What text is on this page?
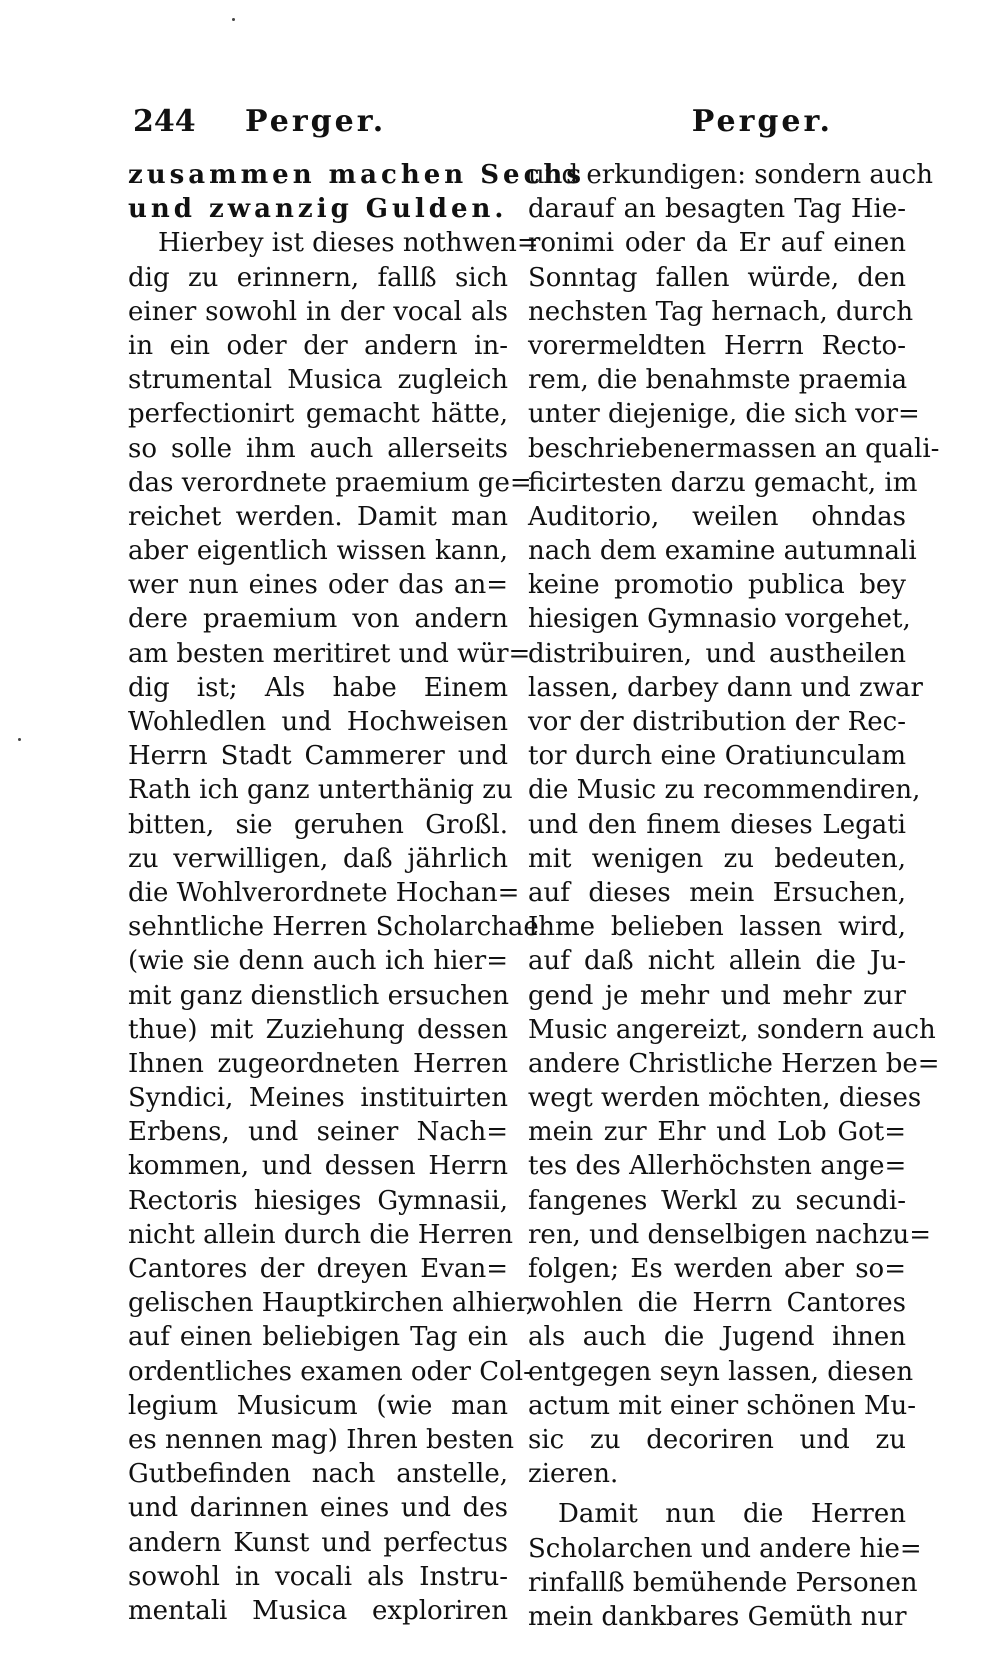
244 Perger.	Perger.
zusammen machen Sechs
und zwanzig Gulden.
Hierbey ist dieses nothwen=
dig zu erinnern, fallß sich
einer sowohl in der vocal als
in ein oder der andern in-
strumental Musica zugleich
perfectionirt gemacht hätte,
so solle ihm auch allerseits
das verordnete praemium ge=
reichet werden. Damit man
aber eigentlich wissen kann,
wer nun eines oder das an=
dere praemium von andern
am besten meritiret und wür=
dig ist; Als habe Einem
Wohledlen und Hochweisen
Herrn Stadt Cammerer und
Rath ich ganz unterthänig zu
bitten, sie geruhen Großl.
zu verwilligen, daß jährlich
die Wohlverordnete Hochan=
sehntliche Herren Scholarchae
(wie sie denn auch ich hier=
mit ganz dienstlich ersuchen
thue) mit Zuziehung dessen
Ihnen zugeordneten Herren
Syndici, Meines instituirten
Erbens, und seiner Nach=
kommen, und dessen Herrn
Rectoris hiesiges Gymnasii,
nicht allein durch die Herren
Cantores der dreyen Evan=
gelischen Hauptkirchen alhier,
auf einen beliebigen Tag ein
ordentliches examen oder Col-
legium Musicum (wie man
es nennen mag) Ihren besten
Gutbefinden nach anstelle,
und darinnen eines und des
andern Kunst und perfectus
sowohl in vocali als Instru-
mentali Musica exploriren
und erkundigen: sondern auch
darauf an besagten Tag Hie-
ronimi oder da Er auf einen
Sonntag fallen würde, den
nechsten Tag hernach, durch
vorermeldten Herrn Recto-
rem, die benahmste praemia
unter diejenige, die sich vor=
beschriebenermassen an quali-
ficirtesten darzu gemacht, im
Auditorio, weilen ohndas
nach dem examine autumnali
keine promotio publica bey
hiesigen Gymnasio vorgehet,
distribuiren, und austheilen
lassen, darbey dann und zwar
vor der distribution der Rec-
tor durch eine Oratiunculam
die Music zu recommendiren,
und den finem dieses Legati
mit wenigen zu bedeuten,
auf dieses mein Ersuchen,
Ihme belieben lassen wird,
auf daß nicht allein die Ju-
gend je mehr und mehr zur
Music angereizt, sondern auch
andere Christliche Herzen be=
wegt werden möchten, dieses
mein zur Ehr und Lob Got=
tes des Allerhöchsten ange=
fangenes Werkl zu secundi-
ren, und denselbigen nachzu=
folgen; Es werden aber so=
wohlen die Herrn Cantores
als auch die Jugend ihnen
entgegen seyn lassen, diesen
actum mit einer schönen Mu-
sic zu decoriren und zu
zieren.
Damit nun die Herren
Scholarchen und andere hie=
rinfallß bemühende Personen
mein dankbares Gemüth nur
